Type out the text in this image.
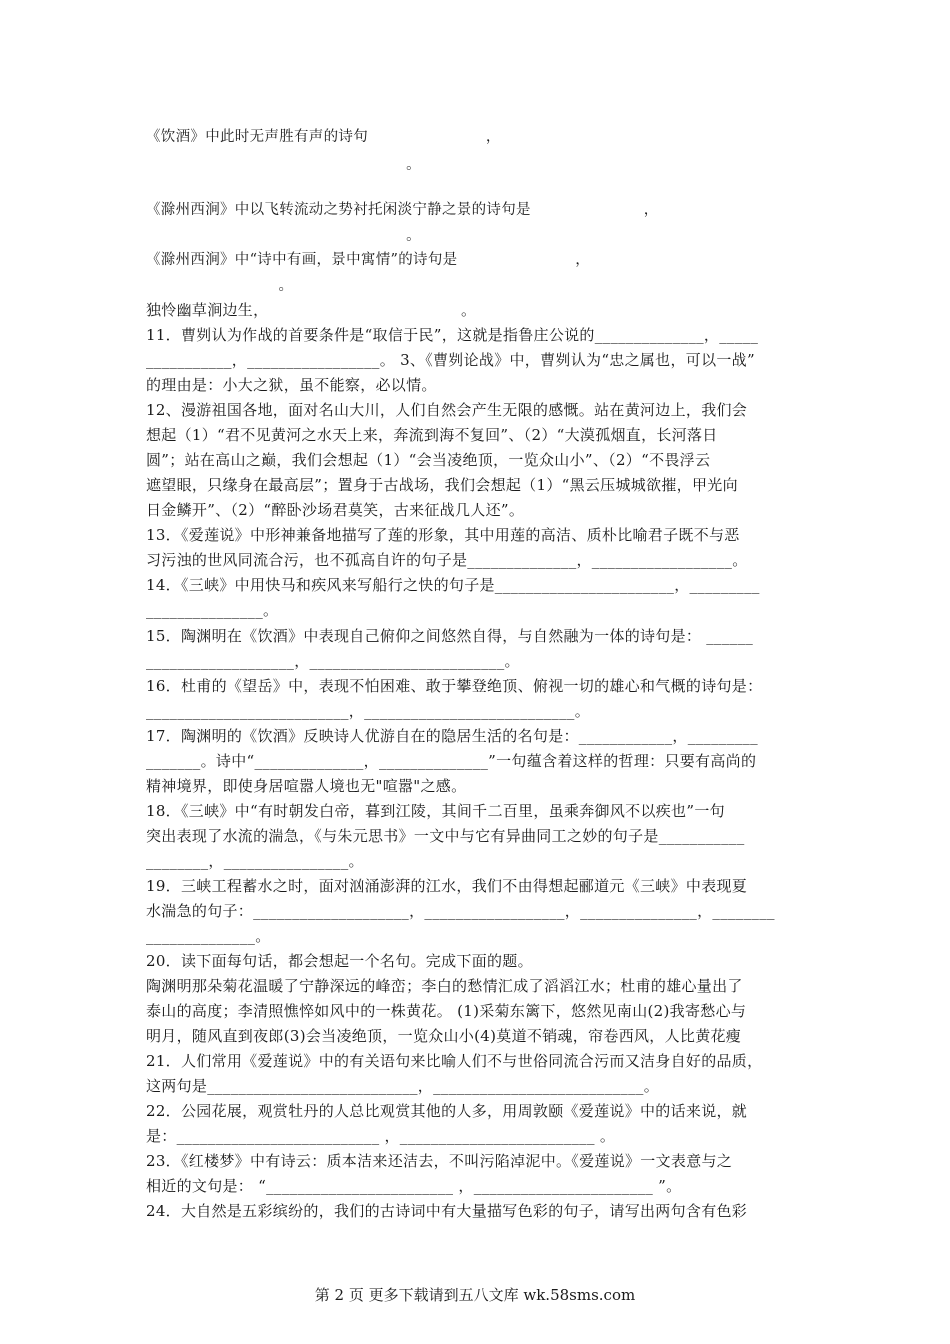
《饮酒》中此时无声胜有声的诗句                        ，
。
《滁州西涧》中以飞转流动之势衬托闲淡宁静之景的诗句是                       ，
。
《滁州西涧》中“诗中有画，景中寓情”的诗句是                        ，
。
独怜幽草涧边生，                                      。
11．曹刿认为作战的首要条件是“取信于民”，这就是指鲁庄公说的______________，_____
___________，_________________。 3、《曹刿论战》中，曹刿认为“忠之属也，可以一战”
的理由是：小大之狱，虽不能察，必以情。
12、漫游祖国各地，面对名山大川，人们自然会产生无限的感慨。站在黄河边上，我们会
想起（1）“君不见黄河之水天上来，奔流到海不复回”、（2）“大漠孤烟直，长河落日
圆”；站在高山之巅，我们会想起（1）“会当凌绝顶，一览众山小”、（2）“不畏浮云
遮望眼，只缘身在最高层”；置身于古战场，我们会想起（1）“黑云压城城欲摧，甲光向
日金鳞开”、（2）“醉卧沙场君莫笑，古来征战几人还”。
13．《爱莲说》中形神兼备地描写了莲的形象，其中用莲的高洁、质朴比喻君子既不与恶
习污浊的世风同流合污，也不孤高自许的句子是______________，__________________。
14．《三峡》中用快马和疾风来写船行之快的句子是_______________________，_________
_______________。
15．陶渊明在《饮酒》中表现自己俯仰之间悠然自得，与自然融为一体的诗句是： ______
___________________，_________________________。
16．杜甫的《望岳》中，表现不怕困难、敢于攀登绝顶、俯视一切的雄心和气概的诗句是：
__________________________，___________________________。
17．陶渊明的《饮酒》反映诗人优游自在的隐居生活的名句是：____________，_________
_______。诗中“______________，______________”一句蕴含着这样的哲理：只要有高尚的
精神境界，即使身居喧嚣人境也无"喧嚣"之感。
18．《三峡》中“有时朝发白帝，暮到江陵，其间千二百里，虽乘奔御风不以疾也”一句
突出表现了水流的湍急，《与朱元思书》一文中与它有异曲同工之妙的句子是___________
________，________________。
19．三峡工程蓄水之时，面对汹涌澎湃的江水，我们不由得想起郦道元《三峡》中表现夏
水湍急的句子：____________________，__________________，_______________，________
______________。
20．读下面每句话，都会想起一个名句。完成下面的题。
陶渊明那朵菊花温暖了宁静深远的峰峦；李白的愁情汇成了滔滔江水；杜甫的雄心量出了
泰山的高度；李清照憔悴如风中的一株黄花。 (1)采菊东篱下，悠然见南山(2)我寄愁心与
明月，随风直到夜郎(3)会当凌绝顶，一览众山小(4)莫道不销魂，帘卷西风，人比黄花瘦
21．人们常用《爱莲说》中的有关语句来比喻人们不与世俗同流合污而又洁身自好的品质，
这两句是___________________________，___________________________。
22．公园花展，观赏牡丹的人总比观赏其他的人多，用周敦颐《爱莲说》中的话来说，就
是：__________________________ ，_________________________ 。
23．《红楼梦》中有诗云：质本洁来还洁去，不叫污陷淖泥中。《爱莲说》一文表意与之
相近的文句是： “________________________ ，_______________________ ”。
24．大自然是五彩缤纷的，我们的古诗词中有大量描写色彩的句子，请写出两句含有色彩
第 2 页 更多下载请到五八文库 wk.58sms.com
